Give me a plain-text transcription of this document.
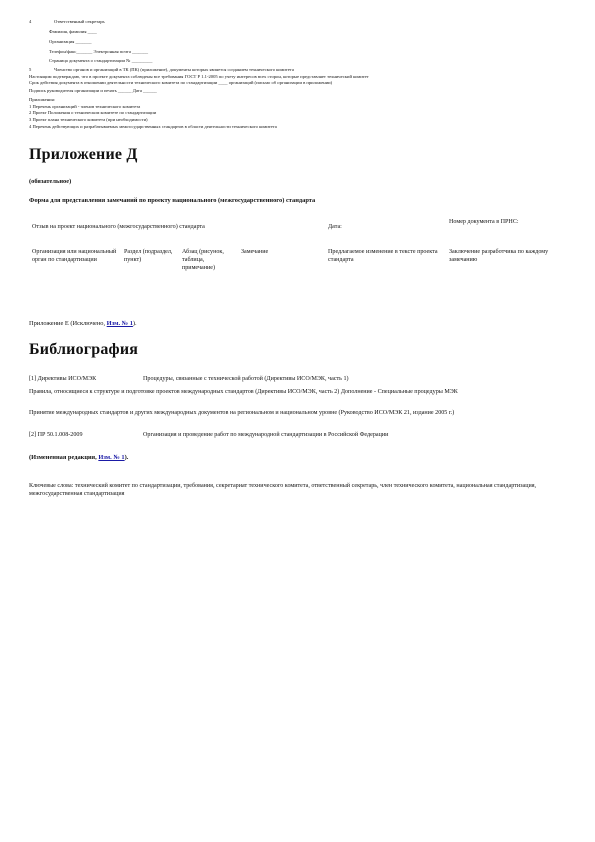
4	Ответственный секретарь
Фамилия, фамилия ____
Организация _______
Телефон/факс_______ Электронная почта _______
Страница документа о стандартизации № _________
5	Членство органов и организаций в ТК (ПК) (приложение), документы которых является созданием технического комитета
Настоящим подтверждаю, что в проекте документа соблюдены все требования ГОСТ Р 1.1-2005 по учету интересов всех сторон, которые представляет технический комитет
Срок действия документа в отношении деятельности технического комитета по стандартизации ____ организаций (письмо об организации в приложении)
Подпись руководителя организации и печать ______ Дата ______
Приложения:
1 Перечень организаций - членов технического комитета
2 Проект Положения о техническом комитете по стандартизации
3 Проект плана технического комитета (при необходимости)
4 Перечень действующих и разрабатываемых межгосударственных стандартов в области деятельности технического комитета
Приложение Д
(обязательное)
Форма для представления замечаний по проекту национального (межгосударственного) стандарта
Отзыв на проект национального (межгосударственного) стандарта				Дата:	Номер документа в ПРНС:
Организация или национальный орган по стандартизации	Раздел (подраздел, пункт)	Абзац (рисунок, таблица, примечание)	Замечание	Предлагаемое изменение в тексте проекта стандарта	Заключение разработчика по каждому замечанию
Приложение Е (Исключено, Изм. № 1).
Библиография
[1] Директивы ИСО/МЭК	Процедуры, связанные с технической работой (Директивы ИСО/МЭК, часть 1)
Правила, относящиеся к структуре и подготовке проектов международных стандартов (Директивы ИСО/МЭК, часть 2) Дополнение - Специальные процедуры МЭК
Принятие международных стандартов и других международных документов на региональном и национальном уровне (Руководство ИСО/МЭК 21, издание 2005 г.)
[2] ПР 50.1.008-2009	Организация и проведение работ по международной стандартизации в Российской Федерации
(Измененная редакция, Изм. № 1).
Ключевые слова: технический комитет по стандартизации, требования, секретариат технического комитета, ответственный секретарь, член технического комитета, национальная стандартизация, межгосударственная стандартизация
